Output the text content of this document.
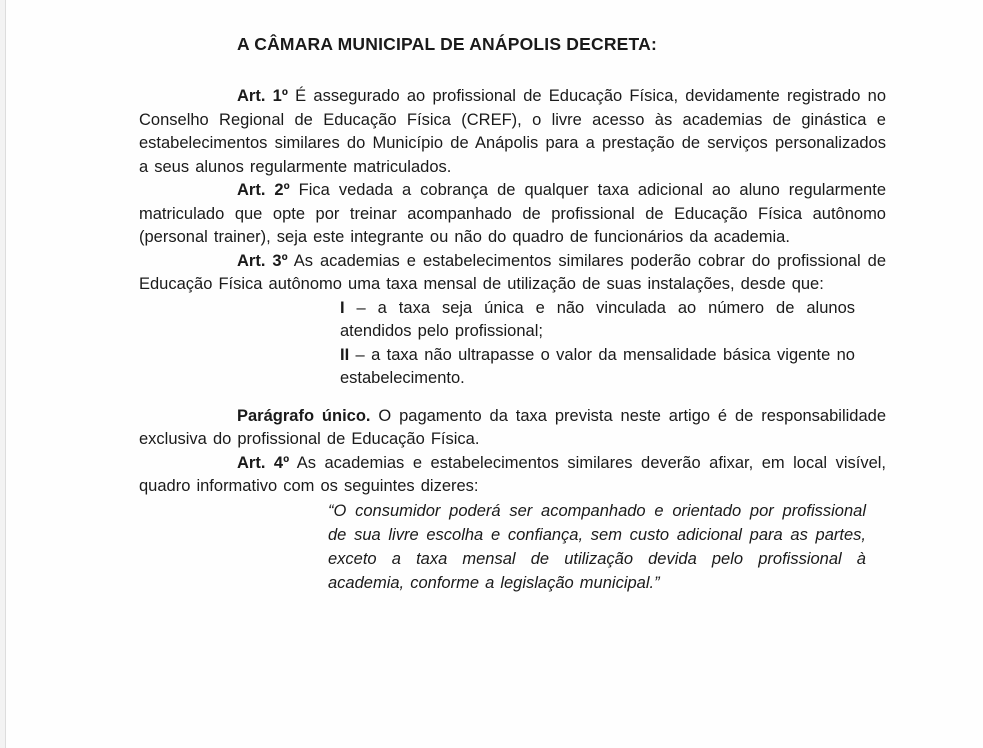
A CÂMARA MUNICIPAL DE ANÁPOLIS DECRETA:

Art. 1º É assegurado ao profissional de Educação Física, devidamente registrado no Conselho Regional de Educação Física (CREF), o livre acesso às academias de ginástica e estabelecimentos similares do Município de Anápolis para a prestação de serviços personalizados a seus alunos regularmente matriculados.

Art. 2º Fica vedada a cobrança de qualquer taxa adicional ao aluno regularmente matriculado que opte por treinar acompanhado de profissional de Educação Física autônomo (personal trainer), seja este integrante ou não do quadro de funcionários da academia.

Art. 3º As academias e estabelecimentos similares poderão cobrar do profissional de Educação Física autônomo uma taxa mensal de utilização de suas instalações, desde que:

I – a taxa seja única e não vinculada ao número de alunos atendidos pelo profissional;

II – a taxa não ultrapasse o valor da mensalidade básica vigente no estabelecimento.

Parágrafo único. O pagamento da taxa prevista neste artigo é de responsabilidade exclusiva do profissional de Educação Física.

Art. 4º As academias e estabelecimentos similares deverão afixar, em local visível, quadro informativo com os seguintes dizeres:

“O consumidor poderá ser acompanhado e orientado por profissional de sua livre escolha e confiança, sem custo adicional para as partes, exceto a taxa mensal de utilização devida pelo profissional à academia, conforme a legislação municipal.”
